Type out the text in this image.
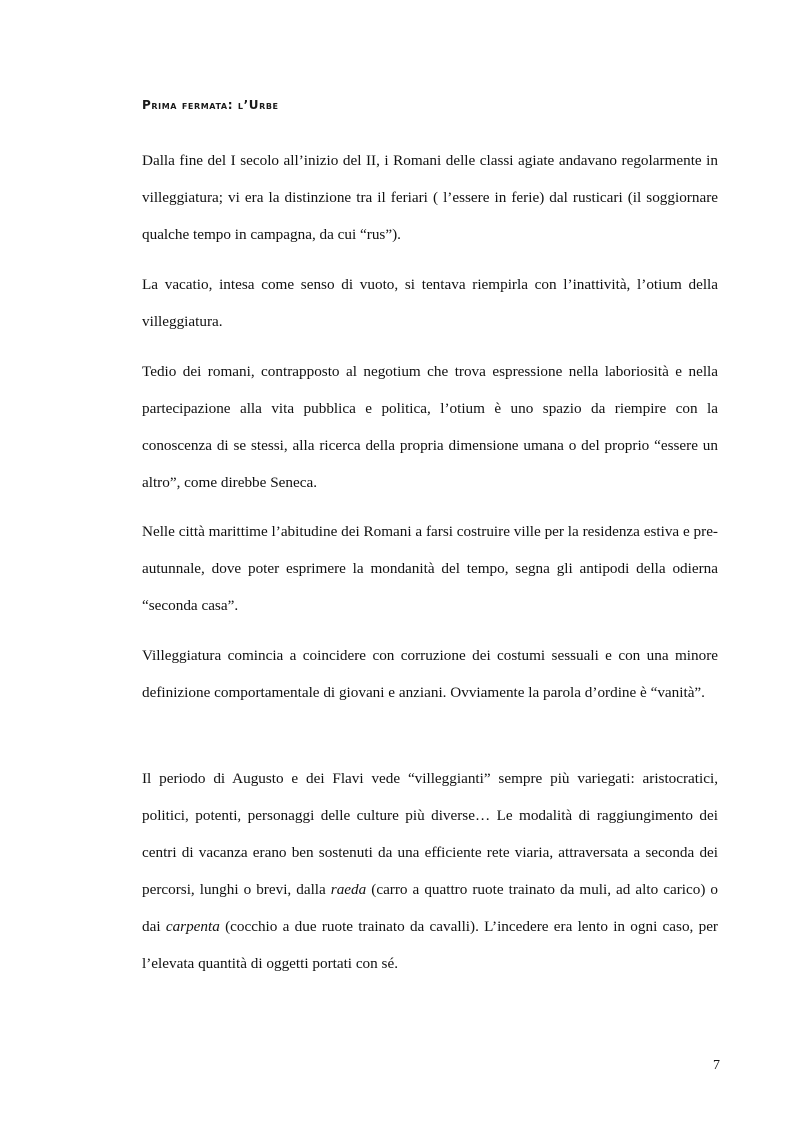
Prima fermata: l’Urbe

Dalla fine del I secolo all’inizio del II, i Romani delle classi agiate andavano regolarmente in villeggiatura; vi era la distinzione tra il feriari ( l’essere in ferie) dal rusticari (il soggiornare qualche tempo in campagna, da cui “rus”).

La vacatio, intesa come senso di vuoto, si tentava riempirla con l’inattività, l’otium della villeggiatura.

Tedio dei romani, contrapposto al negotium che trova espressione nella laboriosità e nella partecipazione alla vita pubblica e politica, l’otium è uno spazio da riempire con la conoscenza di se stessi, alla ricerca della propria dimensione umana o del proprio “essere un altro”, come direbbe Seneca.

Nelle città marittime l’abitudine dei Romani a farsi costruire ville per la residenza estiva e pre-autunnale, dove poter esprimere la mondanità del tempo, segna gli antipodi della odierna “seconda casa”.

Villeggiatura comincia a coincidere con corruzione dei costumi sessuali e con una minore definizione comportamentale di giovani e anziani. Ovviamente la parola d’ordine è “vanità”.

Il periodo di Augusto e dei Flavi vede “villeggianti” sempre più variegati: aristocratici, politici, potenti, personaggi delle culture più diverse… Le modalità di raggiungimento dei centri di vacanza erano ben sostenuti da una efficiente rete viaria, attraversata a seconda dei percorsi, lunghi o brevi, dalla raeda (carro a quattro ruote trainato da muli, ad alto carico) o dai carpenta (cocchio a due ruote trainato da cavalli). L’incedere era lento in ogni caso, per l’elevata quantità di oggetti portati con sé.

7
